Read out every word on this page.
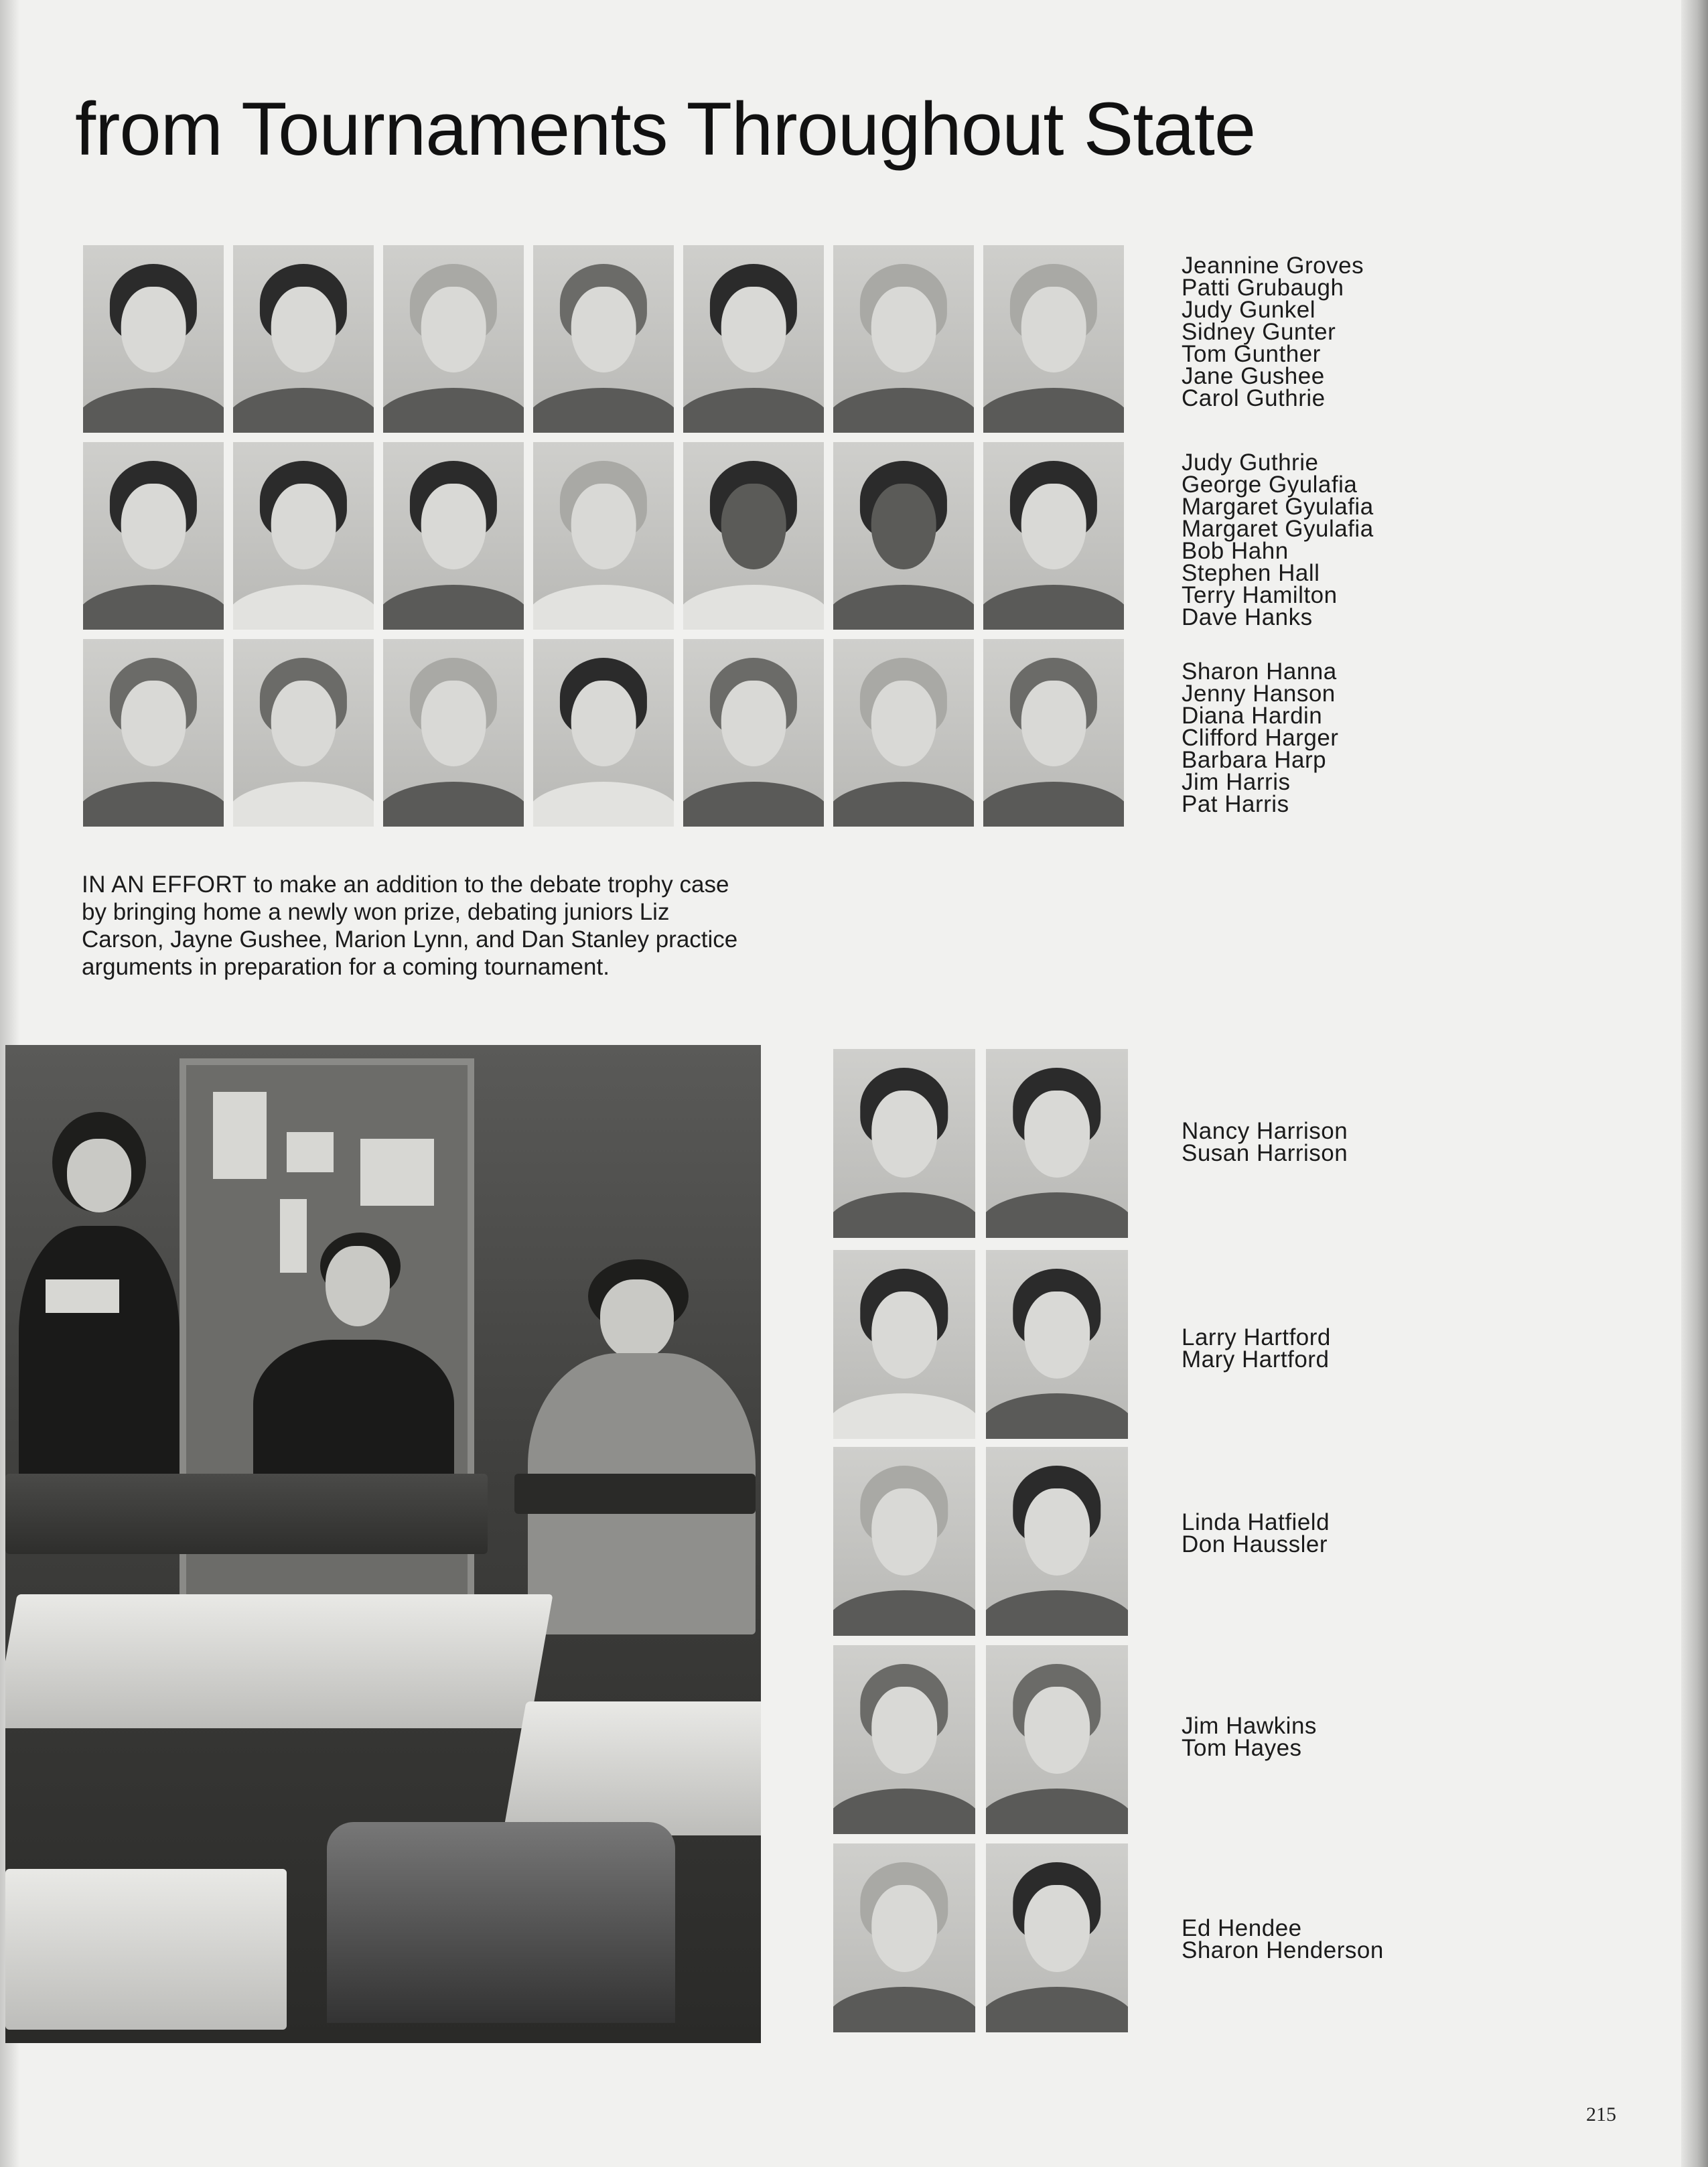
from Tournaments Throughout State
Jeannine Groves
Patti Grubaugh
Judy Gunkel
Sidney Gunter
Tom Gunther
Jane Gushee
Carol Guthrie
Judy Guthrie
George Gyulafia
Margaret Gyulafia
Margaret Gyulafia
Bob Hahn
Stephen Hall
Terry Hamilton
Dave Hanks
Sharon Hanna
Jenny Hanson
Diana Hardin
Clifford Harger
Barbara Harp
Jim Harris
Pat Harris
IN AN EFFORT to make an addition to the debate trophy case by bringing home a newly won prize, debating juniors Liz Carson, Jayne Gushee, Marion Lynn, and Dan Stanley practice arguments in preparation for a coming tournament.
Nancy Harrison
Susan Harrison
Larry Hartford
Mary Hartford
Linda Hatfield
Don Haussler
Jim Hawkins
Tom Hayes
Ed Hendee
Sharon Henderson
215
